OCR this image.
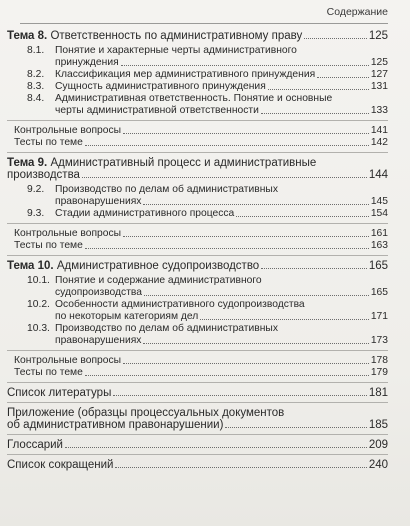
Содержание
Тема 8. Ответственность по административному праву	125
8.1.	Понятие и характерные черты административного
принуждения	125
8.2.	Классификация мер административного принуждения	127
8.3.	Сущность административного принуждения	131
8.4.	Административная ответственность. Понятие и основные
черты административной ответственности	133
Контрольные вопросы	141
Тесты по теме	142
Тема 9. Административный процесс и административные
производства	144
9.2.	Производство по делам об административных
правонарушениях	145
9.3.	Стадии административного процесса	154
Контрольные вопросы	161
Тесты по теме	163
Тема 10. Административное судопроизводство	165
10.1. Понятие и содержание административного
судопроизводства	165
10.2. Особенности административного судопроизводства
по некоторым категориям дел	171
10.3. Производство по делам об административных
правонарушениях	173
Контрольные вопросы	178
Тесты по теме	179
Список литературы	181
Приложение (образцы процессуальных документов
об административном правонарушении)	185
Глоссарий	209
Список сокращений	240
